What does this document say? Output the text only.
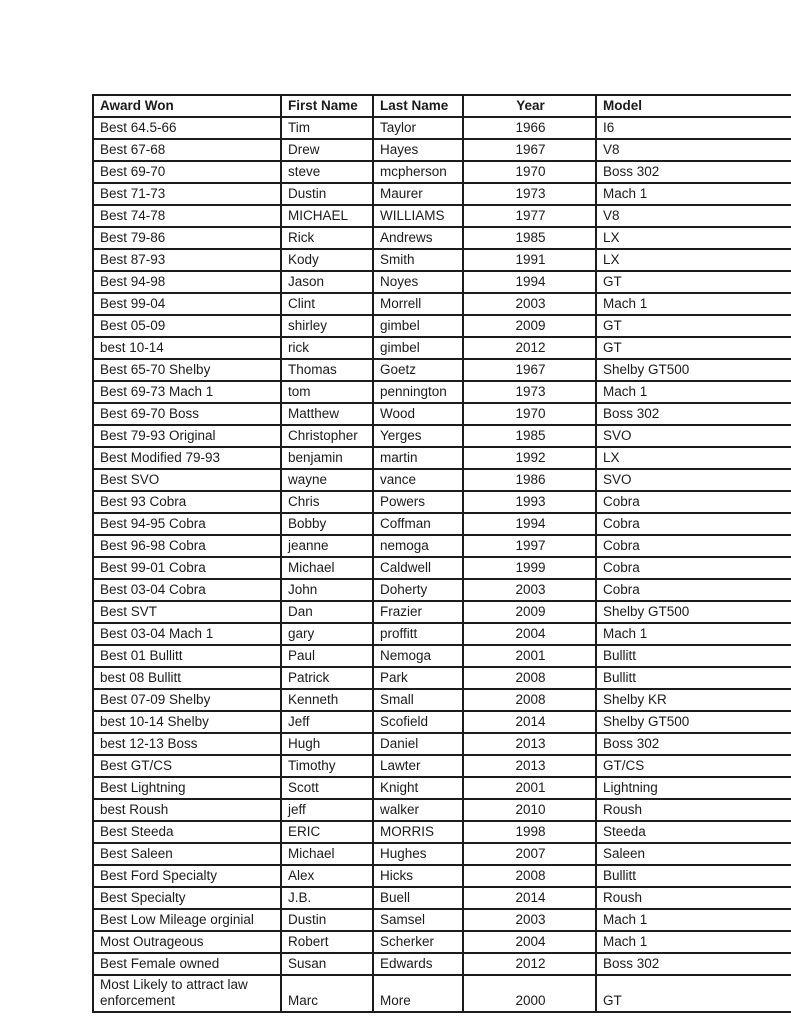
Award Won	First Name	Last Name	Year	Model
Best 64.5-66	Tim	Taylor	1966	I6
Best 67-68	Drew	Hayes	1967	V8
Best 69-70	steve	mcpherson	1970	Boss 302
Best 71-73	Dustin	Maurer	1973	Mach 1
Best 74-78	MICHAEL	WILLIAMS	1977	V8
Best 79-86	Rick	Andrews	1985	LX
Best 87-93	Kody	Smith	1991	LX
Best 94-98	Jason	Noyes	1994	GT
Best 99-04	Clint	Morrell	2003	Mach 1
Best 05-09	shirley	gimbel	2009	GT
best 10-14	rick	gimbel	2012	GT
Best 65-70 Shelby	Thomas	Goetz	1967	Shelby GT500
Best 69-73 Mach 1	tom	pennington	1973	Mach 1
Best 69-70 Boss	Matthew	Wood	1970	Boss 302
Best 79-93 Original	Christopher	Yerges	1985	SVO
Best Modified 79-93	benjamin	martin	1992	LX
Best SVO	wayne	vance	1986	SVO
Best 93 Cobra	Chris	Powers	1993	Cobra
Best 94-95 Cobra	Bobby	Coffman	1994	Cobra
Best 96-98 Cobra	jeanne	nemoga	1997	Cobra
Best 99-01 Cobra	Michael	Caldwell	1999	Cobra
Best 03-04 Cobra	John	Doherty	2003	Cobra
Best SVT	Dan	Frazier	2009	Shelby GT500
Best 03-04 Mach 1	gary	proffitt	2004	Mach 1
Best 01 Bullitt	Paul	Nemoga	2001	Bullitt
best 08 Bullitt	Patrick	Park	2008	Bullitt
Best 07-09 Shelby	Kenneth	Small	2008	Shelby KR
best 10-14 Shelby	Jeff	Scofield	2014	Shelby GT500
best 12-13 Boss	Hugh	Daniel	2013	Boss 302
Best GT/CS	Timothy	Lawter	2013	GT/CS
Best Lightning	Scott	Knight	2001	Lightning
best Roush	jeff	walker	2010	Roush
Best Steeda	ERIC	MORRIS	1998	Steeda
Best Saleen	Michael	Hughes	2007	Saleen
Best Ford Specialty	Alex	Hicks	2008	Bullitt
Best Specialty	J.B.	Buell	2014	Roush
Best Low Mileage orginial	Dustin	Samsel	2003	Mach 1
Most Outrageous	Robert	Scherker	2004	Mach 1
Best Female owned	Susan	Edwards	2012	Boss 302
Most Likely to attract law enforcement	Marc	More	2000	GT
